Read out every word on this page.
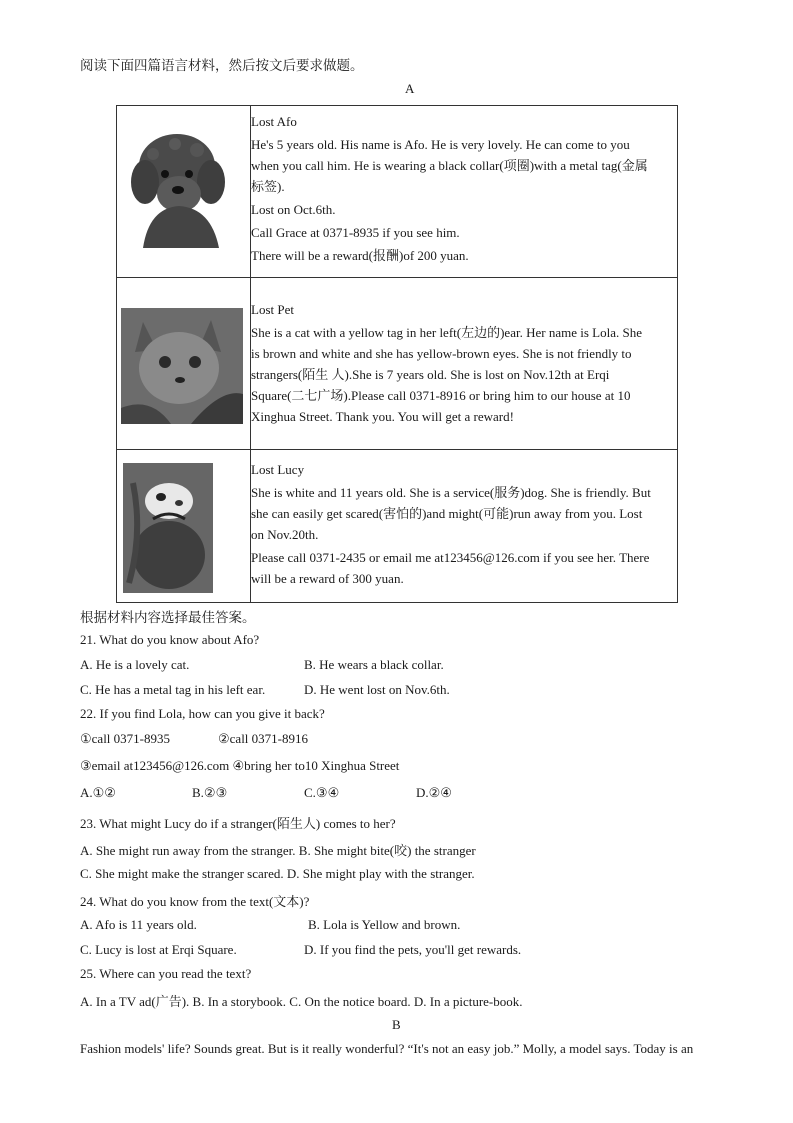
阅读下面四篇语言材料，然后按文后要求做题。
A
Lost Afo
He's 5 years old. His name is Afo. He is very lovely. He can come to you
when you call him. He is wearing a black collar(项圈)with a metal tag(金属
标签).
Lost on Oct.6th.
Call Grace at 0371-8935 if you see him.
There will be a reward(报酬)of 200 yuan.

Lost Pet
She is a cat with a yellow tag in her left(左边的)ear. Her name is Lola. She
is brown and white and she has yellow-brown eyes. She is not friendly to
strangers(陌生 人).She is 7 years old. She is lost on Nov.12th at Erqi
Square(二七广场).Please call 0371-8916 or bring him to our house at 10
Xinghua Street. Thank you. You will get a reward!

Lost Lucy
She is white and 11 years old. She is a service(服务)dog. She is friendly. But
she can easily get scared(害怕的)and might(可能)run away from you. Lost
on Nov.20th.
Please call 0371-2435 or email me at123456@126.com if you see her. There
will be a reward of 300 yuan.
根据材料内容选择最佳答案。
21. What do you know about Afo?
A. He is a lovely cat.	B. He wears a black collar.
C. He has a metal tag in his left ear.	D. He went lost on Nov.6th.
22. If you find Lola, how can you give it back?
①call 0371-8935	②call 0371-8916
③email at123456@126.com ④bring her to10 Xinghua Street
A.①②	B.②③	C.③④	D.②④
23. What might Lucy do if a stranger(陌生人) comes to her?
A. She might run away from the stranger. B. She might bite(咬) the stranger
C. She might make the stranger scared. D. She might play with the stranger.
24. What do you know from the text(文本)?
A. Afo is 11 years old.	B. Lola is Yellow and brown.
C. Lucy is lost at Erqi Square.	D. If you find the pets, you'll get rewards.
25. Where can you read the text?
A. In a TV ad(广告). B. In a storybook. C. On the notice board. D. In a picture-book.
B
Fashion models' life? Sounds great. But is it really wonderful? “It's not an easy job.” Molly, a model says. Today is an
